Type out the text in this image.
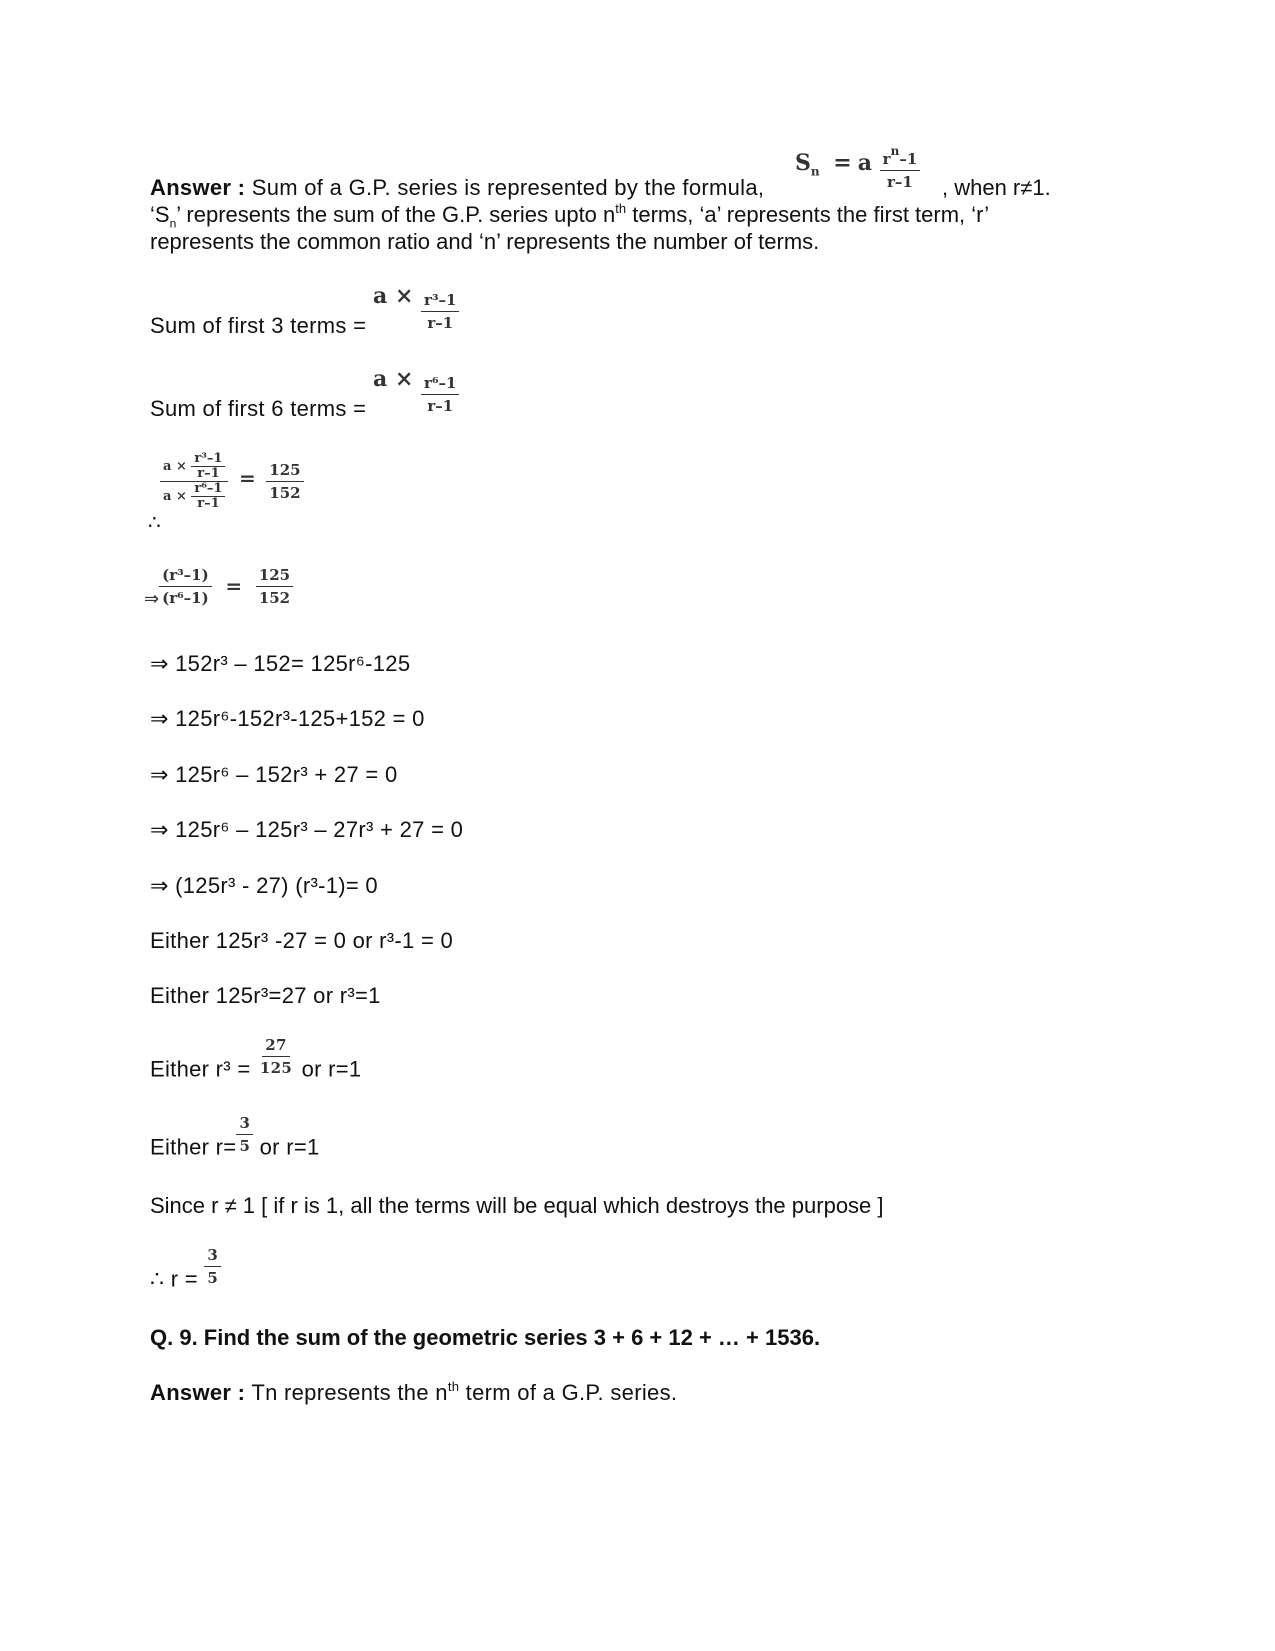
$S_n = a \frac{r^n-1}{r-1}$
Answer : Sum of a G.P. series is represented by the formula,	, when r≠1.
‘$S_n$’ represents the sum of the G.P. series upto $n^{th}$ terms, ‘a’ represents the first term, ‘r’
represents the common ratio and ‘n’ represents the number of terms.
Sum of first 3 terms =
$a \times \frac{\text{r³–1}}{r-1}$
Sum of first 6 terms =
$a \times \frac{\text{r⁶–1}}{r-1}$
∴
$\frac{a \times \frac{\text{r³–1}}{r-1}}{a \times \frac{\text{r⁶–1}}{r-1}} = \frac{125}{152}$
$_\Rightarrow \frac{\text{(r³–1)}}{\text{(r⁶–1)}} = \frac{125}{152}$
⇒ 152r³ – 152= 125r⁶-125
⇒ 125r⁶-152r³-125+152 = 0
⇒ 125r⁶ – 152r³ + 27 = 0
⇒ 125r⁶ – 125r³ – 27r³ + 27 = 0
⇒ (125r³ - 27) (r³-1)= 0
Either 125r³ -27 = 0 or r³-1 = 0
Either 125r³=27 or r³=1
Either $r^3 = \frac{27}{125}$ or r=1
Either $r= \frac{3}{5}$ or r=1
Since r ≠ 1 [ if r is 1, all the terms will be equal which destroys the purpose ]
∴ $r = \frac{3}{5}$
Q. 9. Find the sum of the geometric series 3 + 6 + 12 + … + 1536.
Answer : Tn represents the $n^{th}$ term of a G.P. series.
